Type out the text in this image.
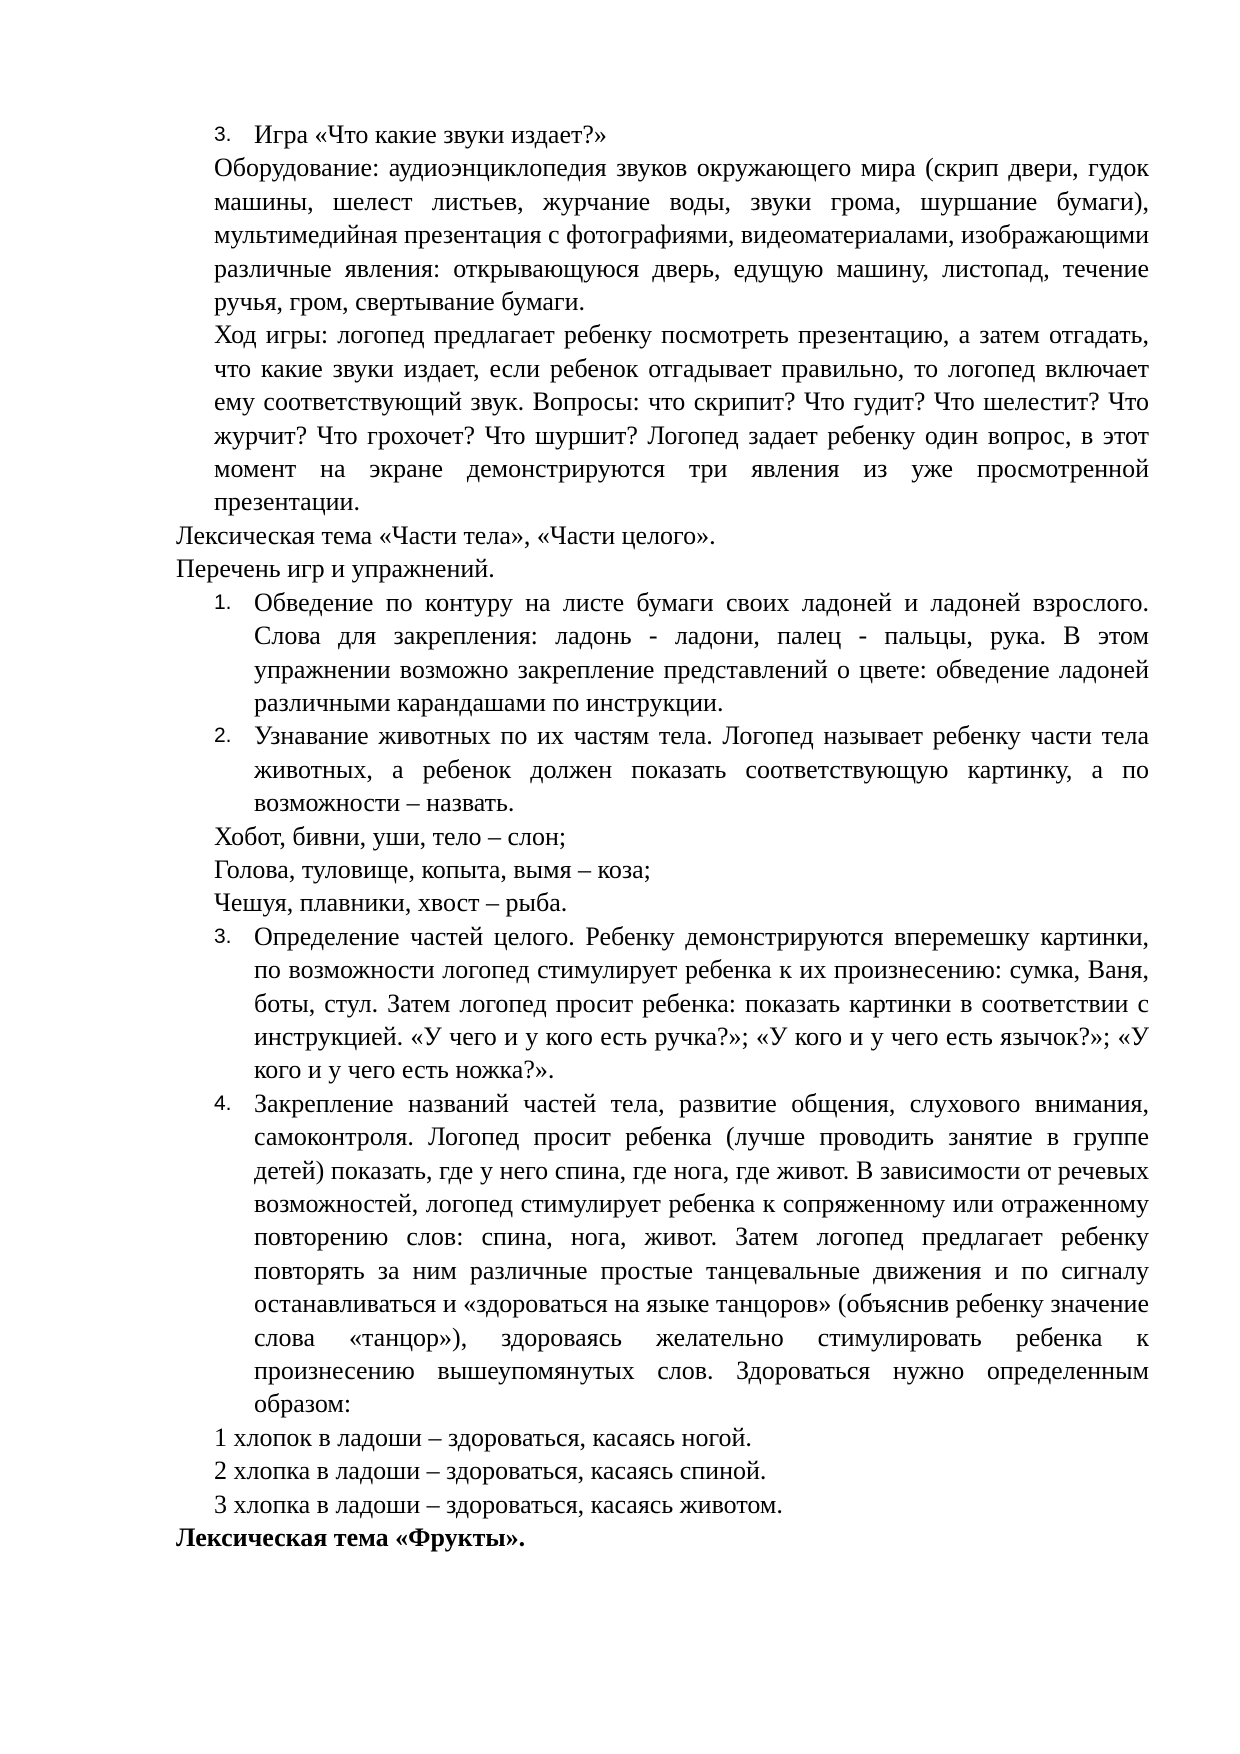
3. Игра «Что какие звуки издает?»

Оборудование: аудиоэнциклопедия звуков окружающего мира (скрип двери, гудок машины, шелест листьев, журчание воды, звуки грома, шуршание бумаги), мультимедийная презентация с фотографиями, видеоматериалами, изображающими различные явления: открывающуюся дверь, едущую машину, листопад, течение ручья, гром, свертывание бумаги.

Ход игры: логопед предлагает ребенку посмотреть презентацию, а затем отгадать, что какие звуки издает, если ребенок отгадывает правильно, то логопед включает ему соответствующий звук. Вопросы: что скрипит? Что гудит? Что шелестит? Что журчит? Что грохочет? Что шуршит? Логопед задает ребенку один вопрос, в этот момент на экране демонстрируются три явления из уже просмотренной презентации.

Лексическая тема «Части тела», «Части целого».

Перечень игр и упражнений.

1. Обведение по контуру на листе бумаги своих ладоней и ладоней взрослого. Слова для закрепления: ладонь - ладони, палец - пальцы, рука. В этом упражнении возможно закрепление представлений о цвете: обведение ладоней различными карандашами по инструкции.
2. Узнавание животных по их частям тела. Логопед называет ребенку части тела животных, а ребенок должен показать соответствующую картинку, а по возможности – назвать.

Хобот, бивни, уши, тело – слон;

Голова, туловище, копыта, вымя – коза;

Чешуя, плавники, хвост – рыба.

3. Определение частей целого. Ребенку демонстрируются вперемешку картинки, по возможности логопед стимулирует ребенка к их произнесению: сумка, Ваня, боты, стул. Затем логопед просит ребенка: показать картинки в соответствии с инструкцией. «У чего и у кого есть ручка?»; «У кого и у чего есть язычок?»; «У кого и у чего есть ножка?».
4. Закрепление названий частей тела, развитие общения, слухового внимания, самоконтроля. Логопед просит ребенка (лучше проводить занятие в группе детей) показать, где у него спина, где нога, где живот. В зависимости от речевых возможностей, логопед стимулирует ребенка к сопряженному или отраженному повторению слов: спина, нога, живот. Затем логопед предлагает ребенку повторять за ним различные простые танцевальные движения и по сигналу останавливаться и «здороваться на языке танцоров» (объяснив ребенку значение слова «танцор»), здороваясь желательно стимулировать ребенка к произнесению вышеупомянутых слов. Здороваться нужно определенным образом:

1 хлопок в ладоши – здороваться, касаясь ногой.

2 хлопка в ладоши – здороваться, касаясь спиной.

3 хлопка в ладоши – здороваться, касаясь животом.

Лексическая тема «Фрукты».
